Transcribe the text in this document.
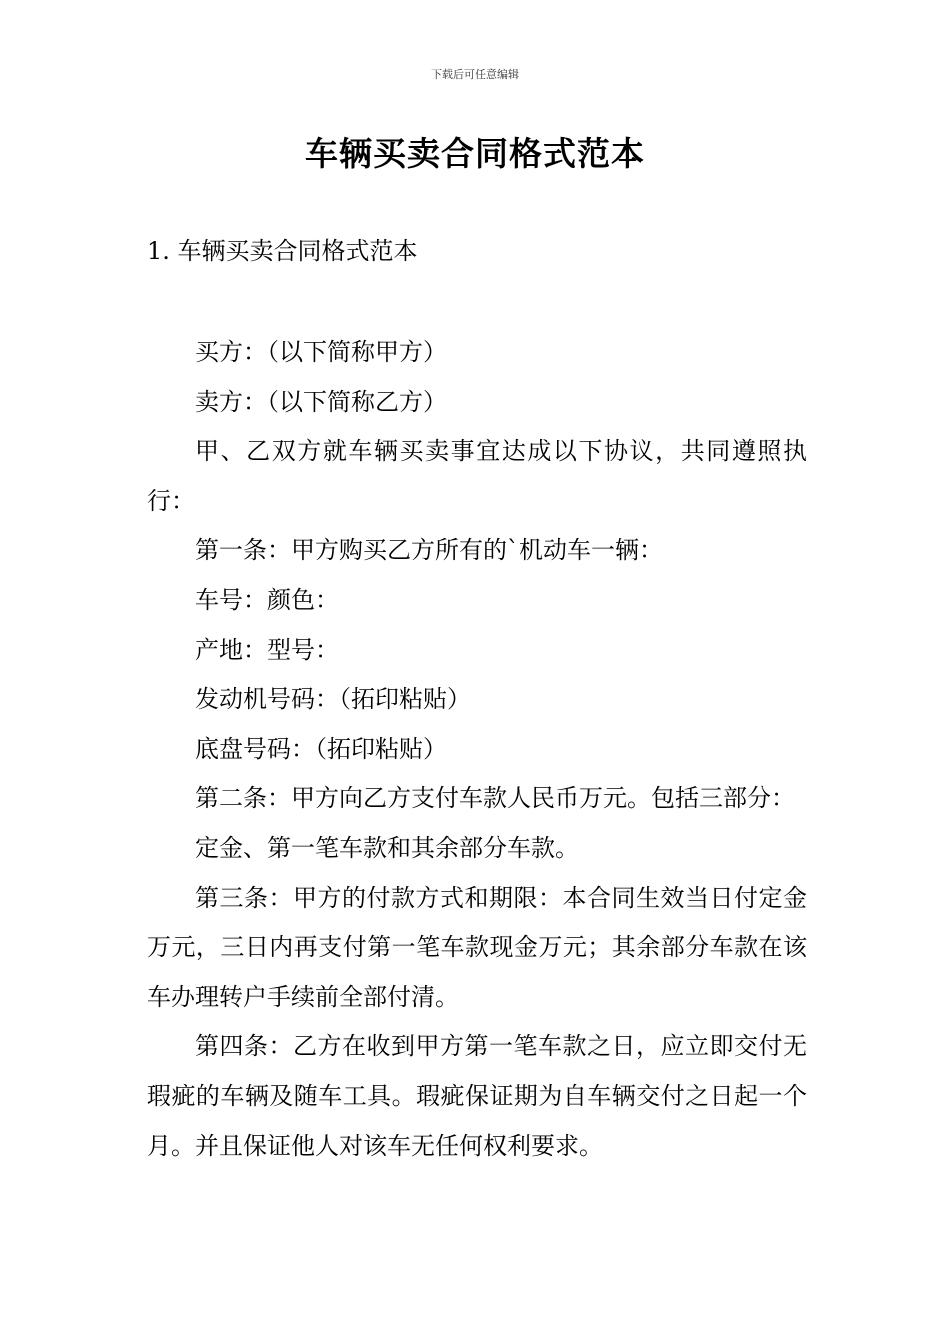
下载后可任意编辑
车辆买卖合同格式范本
1. 车辆买卖合同格式范本

买方：（以下简称甲方）

卖方：（以下简称乙方）

甲、乙双方就车辆买卖事宜达成以下协议，共同遵照执行：

第一条：甲方购买乙方所有的`机动车一辆：

车号：颜色：

产地：型号：

发动机号码：（拓印粘贴）

底盘号码：（拓印粘贴）

第二条：甲方向乙方支付车款人民币万元。包括三部分：

定金、第一笔车款和其余部分车款。

第三条：甲方的付款方式和期限：本合同生效当日付定金万元，三日内再支付第一笔车款现金万元；其余部分车款在该车办理转户手续前全部付清。

第四条：乙方在收到甲方第一笔车款之日，应立即交付无瑕疵的车辆及随车工具。瑕疵保证期为自车辆交付之日起一个月。并且保证他人对该车无任何权利要求。
